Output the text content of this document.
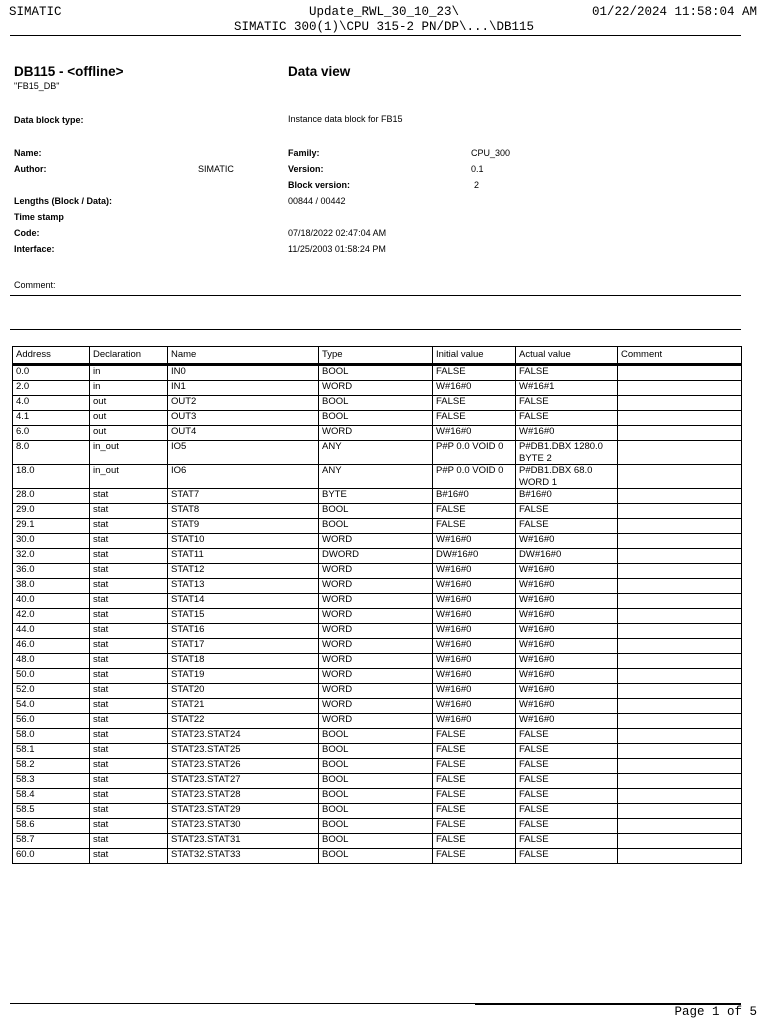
SIMATIC	Update_RWL_30_10_23\
SIMATIC 300(1)\CPU 315-2 PN/DP\...\DB115
01/22/2024 11:58:04 AM
DB115 - <offline>
"FB15_DB"
Data view
Data block type:	Instance data block for FB15
Name:	Family:	CPU_300
Author:	SIMATIC	Version:	0.1
Block version:	2
Lengths (Block / Data):	00844 / 00442
Time stamp
Code:	07/18/2022 02:47:04 AM
Interface:	11/25/2003 01:58:24 PM
Comment:
Address	Declaration	Name	Type	Initial value	Actual value	Comment
0.0	in	IN0	BOOL	FALSE	FALSE	
2.0	in	IN1	WORD	W#16#0	W#16#1	
4.0	out	OUT2	BOOL	FALSE	FALSE	
4.1	out	OUT3	BOOL	FALSE	FALSE	
6.0	out	OUT4	WORD	W#16#0	W#16#0	
8.0	in_out	IO5	ANY	P#P 0.0 VOID 0	P#DB1.DBX 1280.0 BYTE 2	
18.0	in_out	IO6	ANY	P#P 0.0 VOID 0	P#DB1.DBX 68.0 WORD 1	
28.0	stat	STAT7	BYTE	B#16#0	B#16#0	
29.0	stat	STAT8	BOOL	FALSE	FALSE	
29.1	stat	STAT9	BOOL	FALSE	FALSE	
30.0	stat	STAT10	WORD	W#16#0	W#16#0	
32.0	stat	STAT11	DWORD	DW#16#0	DW#16#0	
36.0	stat	STAT12	WORD	W#16#0	W#16#0	
38.0	stat	STAT13	WORD	W#16#0	W#16#0	
40.0	stat	STAT14	WORD	W#16#0	W#16#0	
42.0	stat	STAT15	WORD	W#16#0	W#16#0	
44.0	stat	STAT16	WORD	W#16#0	W#16#0	
46.0	stat	STAT17	WORD	W#16#0	W#16#0	
48.0	stat	STAT18	WORD	W#16#0	W#16#0	
50.0	stat	STAT19	WORD	W#16#0	W#16#0	
52.0	stat	STAT20	WORD	W#16#0	W#16#0	
54.0	stat	STAT21	WORD	W#16#0	W#16#0	
56.0	stat	STAT22	WORD	W#16#0	W#16#0	
58.0	stat	STAT23.STAT24	BOOL	FALSE	FALSE	
58.1	stat	STAT23.STAT25	BOOL	FALSE	FALSE	
58.2	stat	STAT23.STAT26	BOOL	FALSE	FALSE	
58.3	stat	STAT23.STAT27	BOOL	FALSE	FALSE	
58.4	stat	STAT23.STAT28	BOOL	FALSE	FALSE	
58.5	stat	STAT23.STAT29	BOOL	FALSE	FALSE	
58.6	stat	STAT23.STAT30	BOOL	FALSE	FALSE	
58.7	stat	STAT23.STAT31	BOOL	FALSE	FALSE	
60.0	stat	STAT32.STAT33	BOOL	FALSE	FALSE	
Page 1 of 5
